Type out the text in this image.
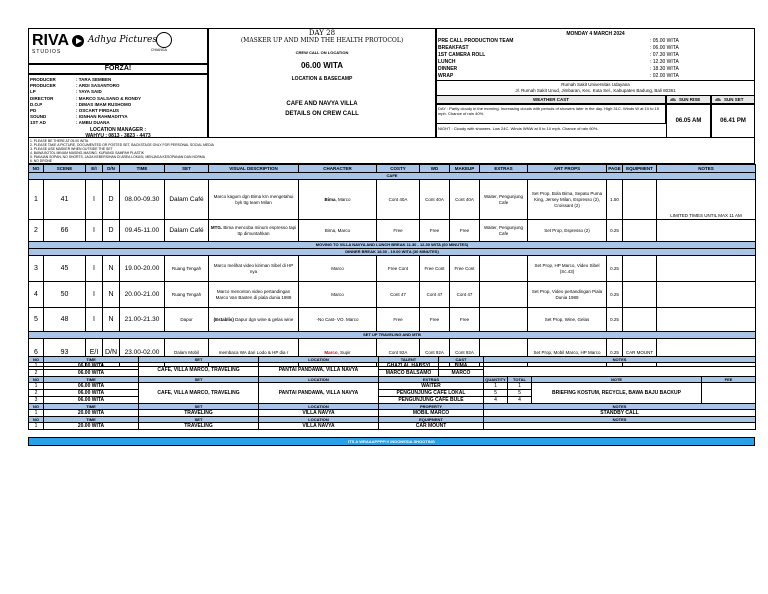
RIVA
STUDIOS
Adhya Pictures
CHIANGA
FORZA!
PRODUCER	: TARA SEMBEN
PRODUCER	: ARDI SASANTORO
LP	: YAYA SAID
DIRECTOR	: MARCO SALSANO & RONDY
D.O.P	: DIMAS IMAM RUSHOMO
PD	: OSCART FIRDAUS
SOUND	: IGNHAN RAHMADITYA
1ST AD	: AMBU DUANA
LOCATION MANAGER :
WAHYU : 0813 - 3823 - 4473
1. PLEASE BE THERE AT 05.00 WITA
2. PLEASE TAKE A PICTURE, DOCUMENTED OR POSTED SET, BACKSTAGE ONLY FOR PERSONAL SOCIAL MEDIA
3. PLEASE USE MASKER WHEN OUTSIDE THE SET
4. BAWA BOTOL MINUM MASING-MASING, KURANGI SAMPAH PLASTIK
5. PAKAIAN SOPAN, NO SHORTS, JAGA KEBERSIHAN DI AREA LOKASI, MENJAGA KESOPANAN DAN NORMA
6. NO DRONE
DAY 28
(MASKER UP AND MIND THE HEALTH PROTOCOL)
CREW CALL ON LOCATION
06.00 WITA
LOCATION & BASECAMP
CAFE AND NAVYA VILLA
DETAILS ON CREW CALL
MONDAY 4 MARCH 2024
PRE CALL PRODUCTION TEAM	: 05.00 WITA
BREAKFAST	: 06.00 WITA
1ST CAMERA ROLL	: 07.30 WITA
LUNCH	: 12.30 WITA
DINNER	: 18.30 WITA
WRAP	: 02.00 WITA
Rumah Sakit Universitas Udayana
Jl. Rumah Sakit Unud, Jimbaran, Kec. Kuta Sel., Kabupaten Badung, Bali 80361
WEATHER CAST	SUN RISE	SUN SET
DAY : Partly cloudy in the morning. Increasing clouds with periods of showers later in the day. High 31C. Winds W at 10 to 15 mph. Chance of rain 40%.
NIGHT : Cloudy with showers. Low 24C. Winds WNW at 5 to 10 mph. Chance of rain 60%.
06.05 AM	06.41 PM
NO	SCENE	E/I	D/N	TIME	SET	VISUAL DESCRIPTION	CHARACTER	COSTY	WD	MAKEUP	EXTRAS	ART PROPS	PAGE	EQUIPMENT	NOTES
CAFE															
1	41	I	D	08.00-09.30	Dalam Café	Marco kagum dgn Bima krn mengetahui byk ttg team Milan	Bima, Marco	Cont 40A	Cont 40A	Cont 40A	Waiter, Pengunjung Cafe	Set Prop, Bola Bima, Sepatu Puma King, Jersey Milan, Espresso (2), Croissant (2)	1.50		LIMITED TIMES UNTIL MAX 11 AM
2	66	I	D	09.45-11.00	Dalam Café	MTG. Bima mencoba minum espresso tapi ttp dimuntahkan	Bima, Marco	Free	Free	Free	Waiter, Pengunjung Cafe	Set Prop, Espresso (2)	0.25		
MOVING TO VILLA NAVYA AND LUNCH BREAK 11.30 - 12.30 WITA (60 MINUTES)															
DINNER BREAK 18.30 - 19.00 WITA (30 MINUTES)															
3	45	I	N	19.00-20.00	Ruang Tengah	Marco melihat video kiriman Sibel di HP nya	Marco	Free Cont	Free Cont	Free Cont		Set Prop, HP Marco, Video Sibel (Sc.43)	0.25		
4	50	I	N	20.00-21.00	Ruang Tengah	Marco menonton video pertandingan Marco Van Basten di piala dunia 1989	Marco	Cont 47	Cont 47	Cont 47		Set Prop, Video pertandingan Piala Dunia 1989	0.25		
5	48	I	N	21.00-21.30	Dapur	(Establis) Dapur dgn wine & gelas wine	-No Cast- VO. Marco	Free	Free	Free		Set Prop, Wine, Gelas	0.25		
SET UP TRAVELING AND MTB															
6	93	E/I	D/N	23.00-02.00	Dalam Mobil	membaca WA dari Lodo & HP dia r	Marco, Supir	Cont 92A	Cont 92A	Cont 92A		Set Prop, Mobil Marco, HP Marco	0.25	CAR MOUNT	
NO	TIME	SET	LOCATION	TALENT	CAST	NOTES			
1	06.00 WITA	CAFE, VILLA MARCO, TRAVELING	PANTAI PANDAWA, VILLA NAVYA	GHAZI AL HABSYI	BIMA				
2	06.00 WITA			MARCO BALSAMO	MARCO				
NO	TIME	SET	LOCATION	EXTRAS		QUANTITY	TOTAL	NOTE	FEE
1	06.00 WITA	CAFE, VILLA MARCO, TRAVELING	PANTAI PANDAWA, VILLA NAVYA	WAITER		1	1	BRIEFING KOSTUM, RECYCLE, BAWA BAJU BACKUP	
2	06.00 WITA			PENGUNJUNG CAFE LOKAL		5	5		
3	06.00 WITA			PENGUNJUNG CAFE BULE		4	4		
NO	TIME	SET	LOCATION	PROPERTY		NOTES			
1	20.00 WITA	TRAVELING	VILLA NAVYA	MOBIL MARCO		STANDBY CALL			
NO	TIME	SET	LOCATION	EQUIPMENT		NOTES			
1	20.00 WITA	TRAVELING	VILLA NAVYA	CAR MOUNT					
ITS A WRAAAPPPP!!! INDONESIA SHOOTING
